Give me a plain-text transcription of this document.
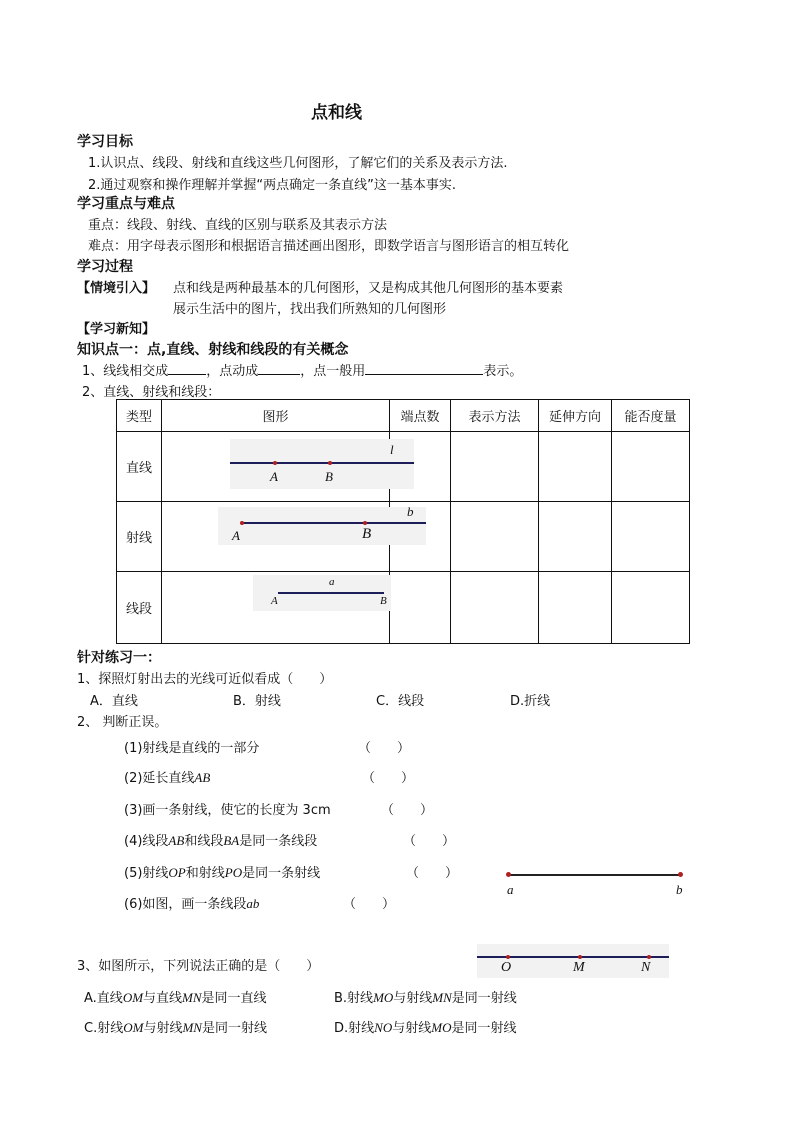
点和线
学习目标
1.认识点、线段、射线和直线这些几何图形，了解它们的关系及表示方法.
2.通过观察和操作理解并掌握“两点确定一条直线”这一基本事实.
学习重点与难点
重点：线段、射线、直线的区别与联系及其表示方法
难点：用字母表示图形和根据语言描述画出图形，即数学语言与图形语言的相互转化
学习过程
【情境引入】 点和线是两种最基本的几何图形，又是构成其他几何图形的基本要素
展示生活中的图片，找出我们所熟知的几何图形
【学习新知】
知识点一：点,直线、射线和线段的有关概念
1、线线相交成	，点动成	，点一般用	表示。
2、直线、射线和线段：
类型	图形	端点数	表示方法	延伸方向	能否度量
直线	A B
l				

射线	A B
b				

线段	A B
a				

针对练习一：
1、探照灯射出去的光线可近似看成（　　）
A．直线	B．射线	C．线段	D.折线
2、 判断正误。
(1)射线是直线的一部分	（　　）
(2)延长直线AB	（　　）
(3)画一条射线，使它的长度为 3cm	（　　）
(4)线段AB和线段BA是同一条线段	（　　）
(5)射线OP和射线PO是同一条射线	（　　）
(6)如图，画一条线段ab	（　　）
a	b
3、如图所示，下列说法正确的是（　　）	O	M	N
A.直线OM与直线MN是同一直线	B.射线MO与射线MN是同一射线
C.射线OM与射线MN是同一射线	D.射线NO与射线MO是同一射线
